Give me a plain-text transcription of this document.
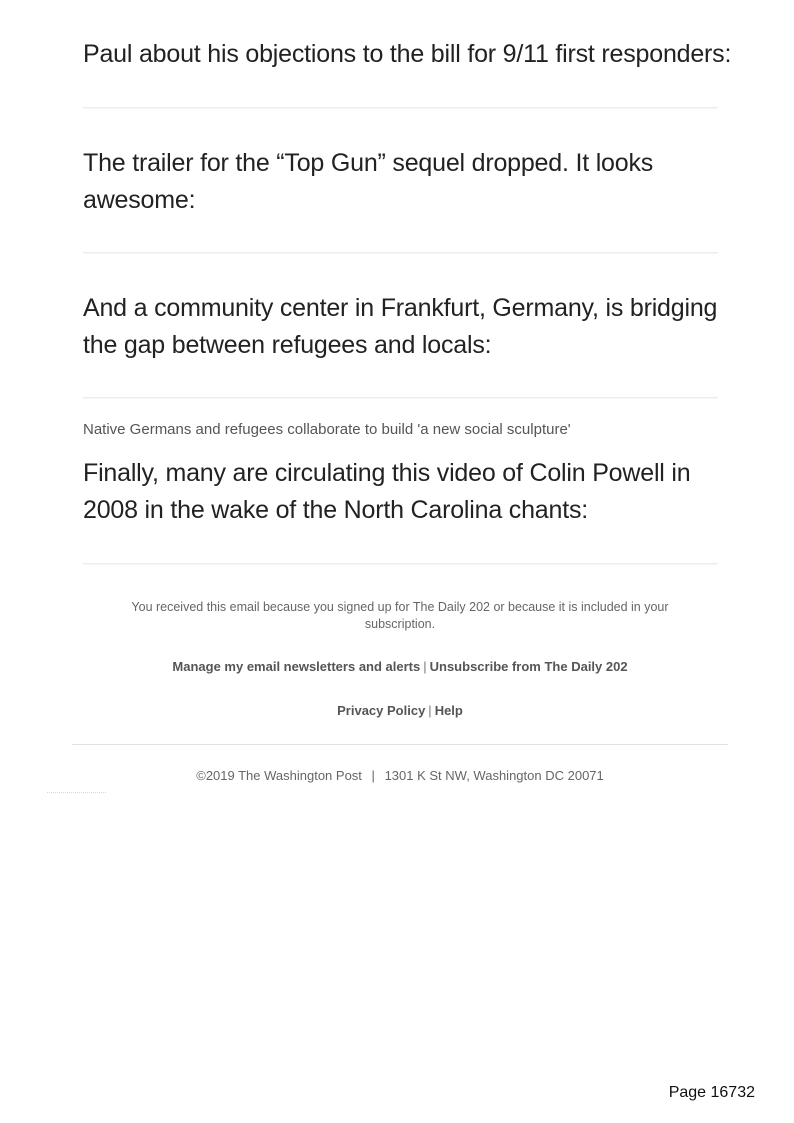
Paul about his objections to the bill for 9/11 first responders:

The trailer for the “Top Gun” sequel dropped. It looks awesome:

And a community center in Frankfurt, Germany, is bridging the gap between refugees and locals:

Native Germans and refugees collaborate to build 'a new social sculpture'

Finally, many are circulating this video of Colin Powell in 2008 in the wake of the North Carolina chants:

You received this email because you signed up for The Daily 202 or because it is included in your subscription.
Manage my email newsletters and alerts | Unsubscribe from The Daily 202
Privacy Policy | Help
©2019 The Washington Post | 1301 K St NW, Washington DC 20071
Page 16732
